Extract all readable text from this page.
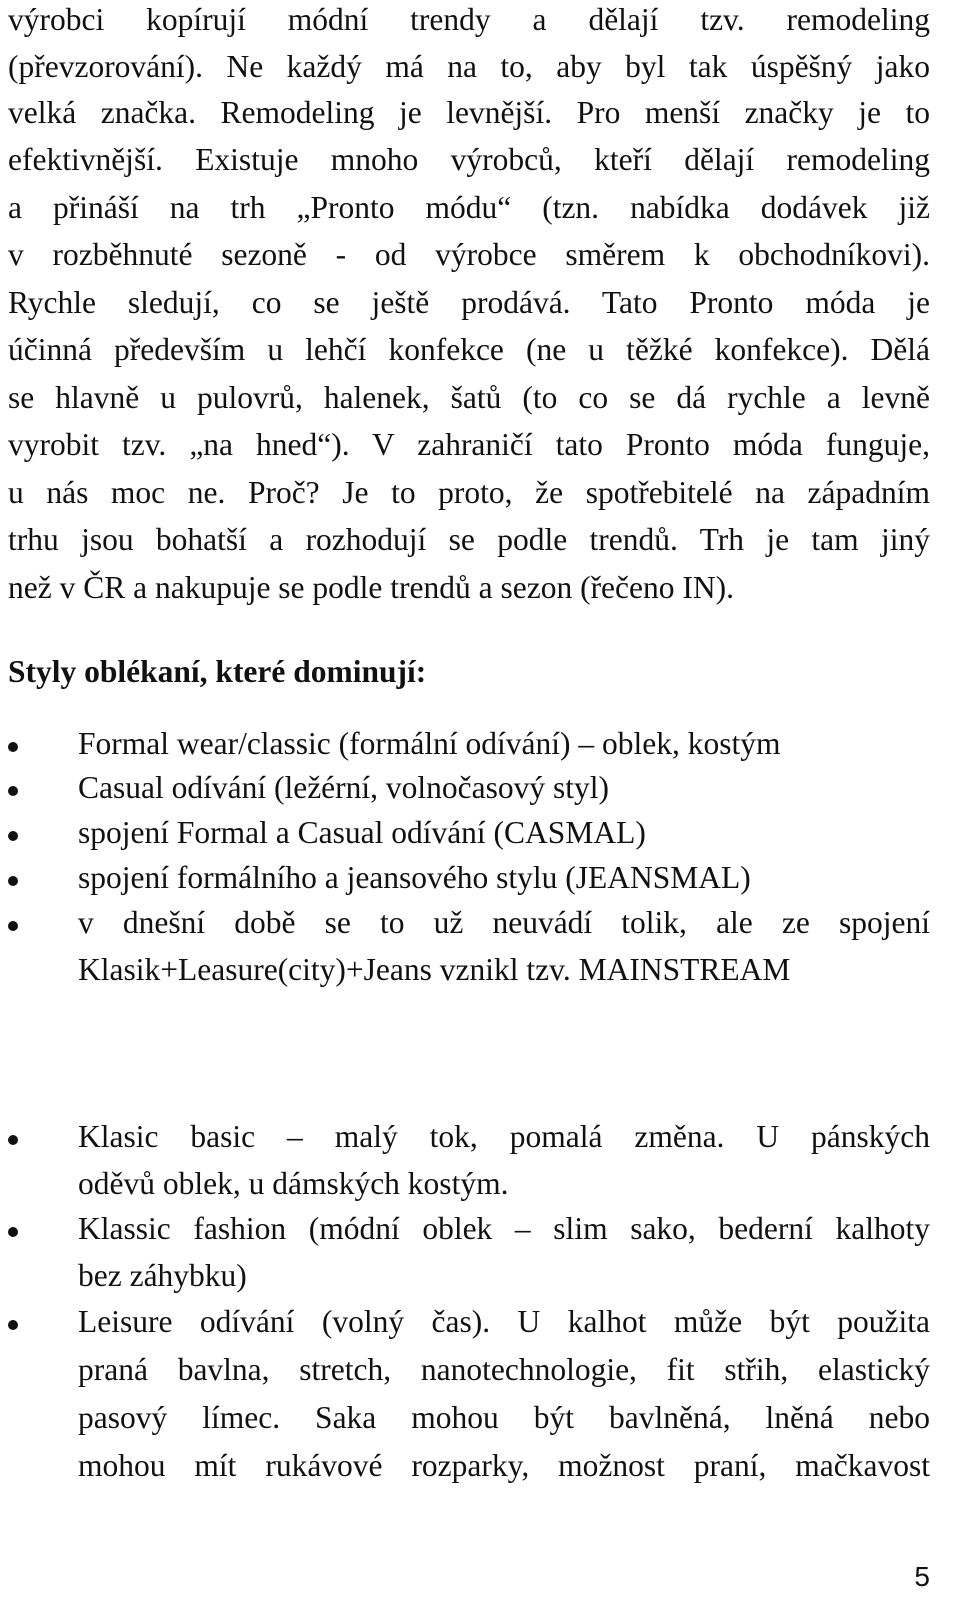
výrobci kopírují módní trendy a dělají tzv. remodeling
(převzorování). Ne každý má na to, aby byl tak úspěšný jako
velká značka. Remodeling je levnější. Pro menší značky je to
efektivnější. Existuje mnoho výrobců, kteří dělají remodeling
a přináší na trh „Pronto módu“ (tzn. nabídka dodávek již
v rozběhnuté sezoně - od výrobce směrem k obchodníkovi).
Rychle sledují, co se ještě prodává. Tato Pronto móda je
účinná především u lehčí konfekce (ne u těžké konfekce). Dělá
se hlavně u pulovrů, halenek, šatů (to co se dá rychle a levně
vyrobit tzv. „na hned“). V zahraničí tato Pronto móda funguje,
u nás moc ne. Proč? Je to proto, že spotřebitelé na západním
trhu jsou bohatší a rozhodují se podle trendů. Trh je tam jiný
než v ČR a nakupuje se podle trendů a sezon (řečeno IN).
Styly oblékaní, které dominují:
Formal wear/classic (formální odívání) – oblek, kostým
Casual odívání (ležérní, volnočasový styl)
spojení Formal a Casual odívání (CASMAL)
spojení formálního a jeansového stylu (JEANSMAL)
v dnešní době se to už neuvádí tolik, ale ze spojení
Klasik+Leasure(city)+Jeans vznikl tzv. MAINSTREAM
Klasic basic – malý tok, pomalá změna. U pánských
oděvů oblek, u dámských kostým.
Klassic fashion (módní oblek – slim sako, bederní kalhoty
bez záhybku)
Leisure odívání (volný čas). U kalhot může být použita
praná bavlna, stretch, nanotechnologie, fit střih, elastický
pasový límec. Saka mohou být bavlněná, lněná nebo
mohou mít rukávové rozparky, možnost praní, mačkavost
5
